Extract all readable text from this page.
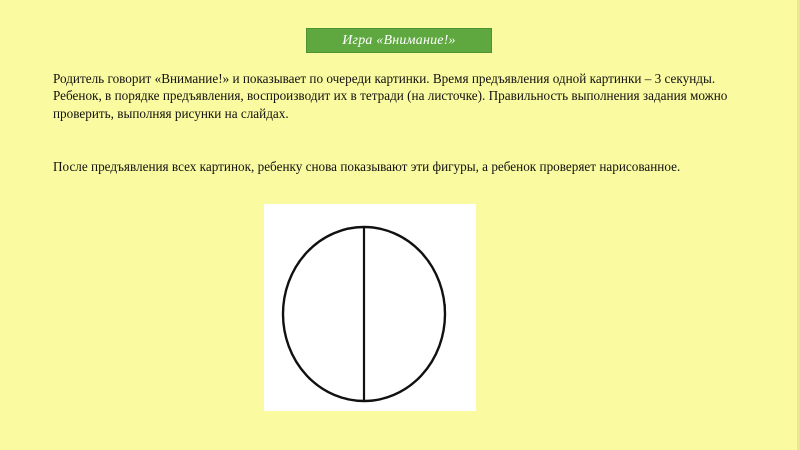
Игра «Внимание!»

Родитель говорит «Внимание!» и показывает по очереди картинки. Время предъявления одной картинки – 3 секунды.

Ребенок, в порядке предъявления, воспроизводит их в тетради (на листочке). Правильность выполнения задания можно проверить, выполняя рисунки на слайдах.

После предъявления всех картинок, ребенку снова показывают эти фигуры, а ребенок проверяет нарисованное.
